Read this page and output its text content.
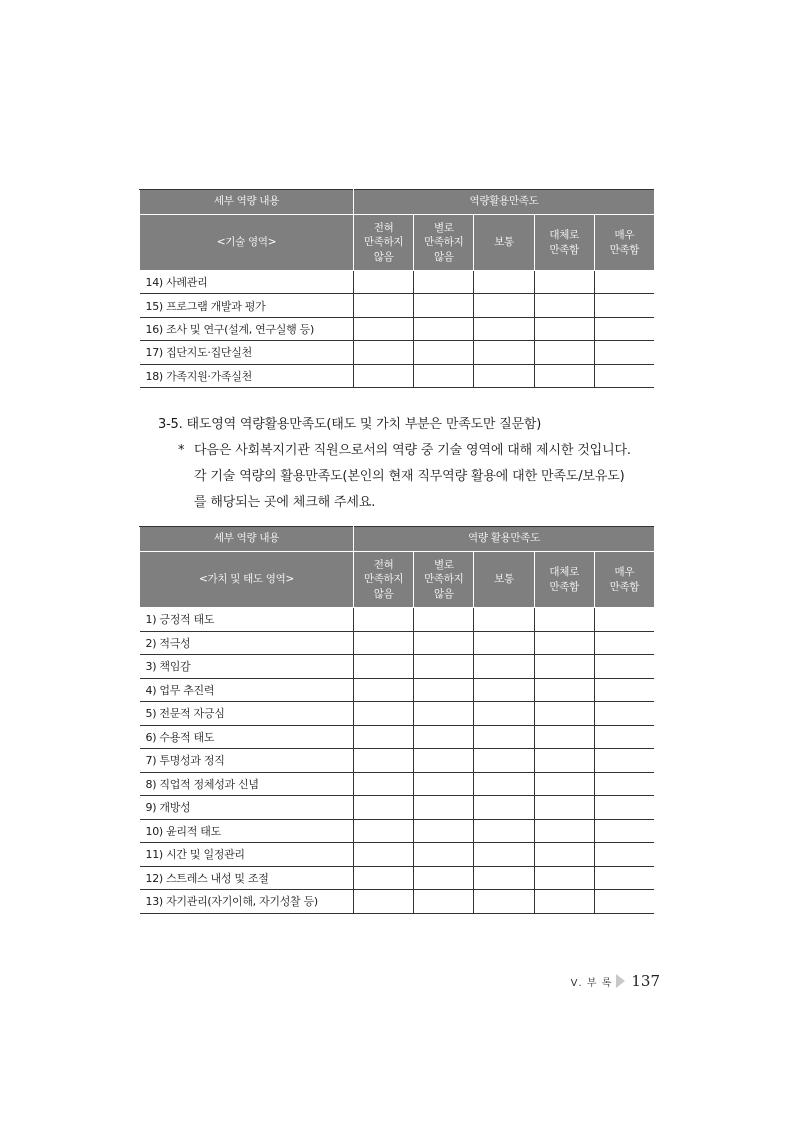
세부 역량 내용	역량활용만족도				
<기술 영역>	전혀
만족하지
않음	별로
만족하지
않음	보통	대체로
만족함	매우
만족함
14) 사례관리					
15) 프로그램 개발과 평가					
16) 조사 및 연구(설계, 연구실행 등)					
17) 집단지도·집단실천					
18) 가족지원·가족실천					
3-5. 태도영역 역량활용만족도(태도 및 가치 부분은 만족도만 질문함)
* 다음은 사회복지기관 직원으로서의 역량 중 기술 영역에 대해 제시한 것입니다.
각 기술 역량의 활용만족도(본인의 현재 직무역량 활용에 대한 만족도/보유도)
를 해당되는 곳에 체크해 주세요.
세부 역량 내용	역량 활용만족도				
<가치 및 태도 영역>	전혀
만족하지
않음	별로
만족하지
않음	보통	대체로
만족함	매우
만족함
1) 긍정적 태도					
2) 적극성					
3) 책임감					
4) 업무 추진력					
5) 전문적 자긍심					
6) 수용적 태도					
7) 투명성과 정직					
8) 직업적 정체성과 신념					
9) 개방성					
10) 윤리적 태도					
11) 시간 및 일정관리					
12) 스트레스 내성 및 조절					
13) 자기관리(자기이해, 자기성찰 등)					
Ⅴ. 부 록 137
